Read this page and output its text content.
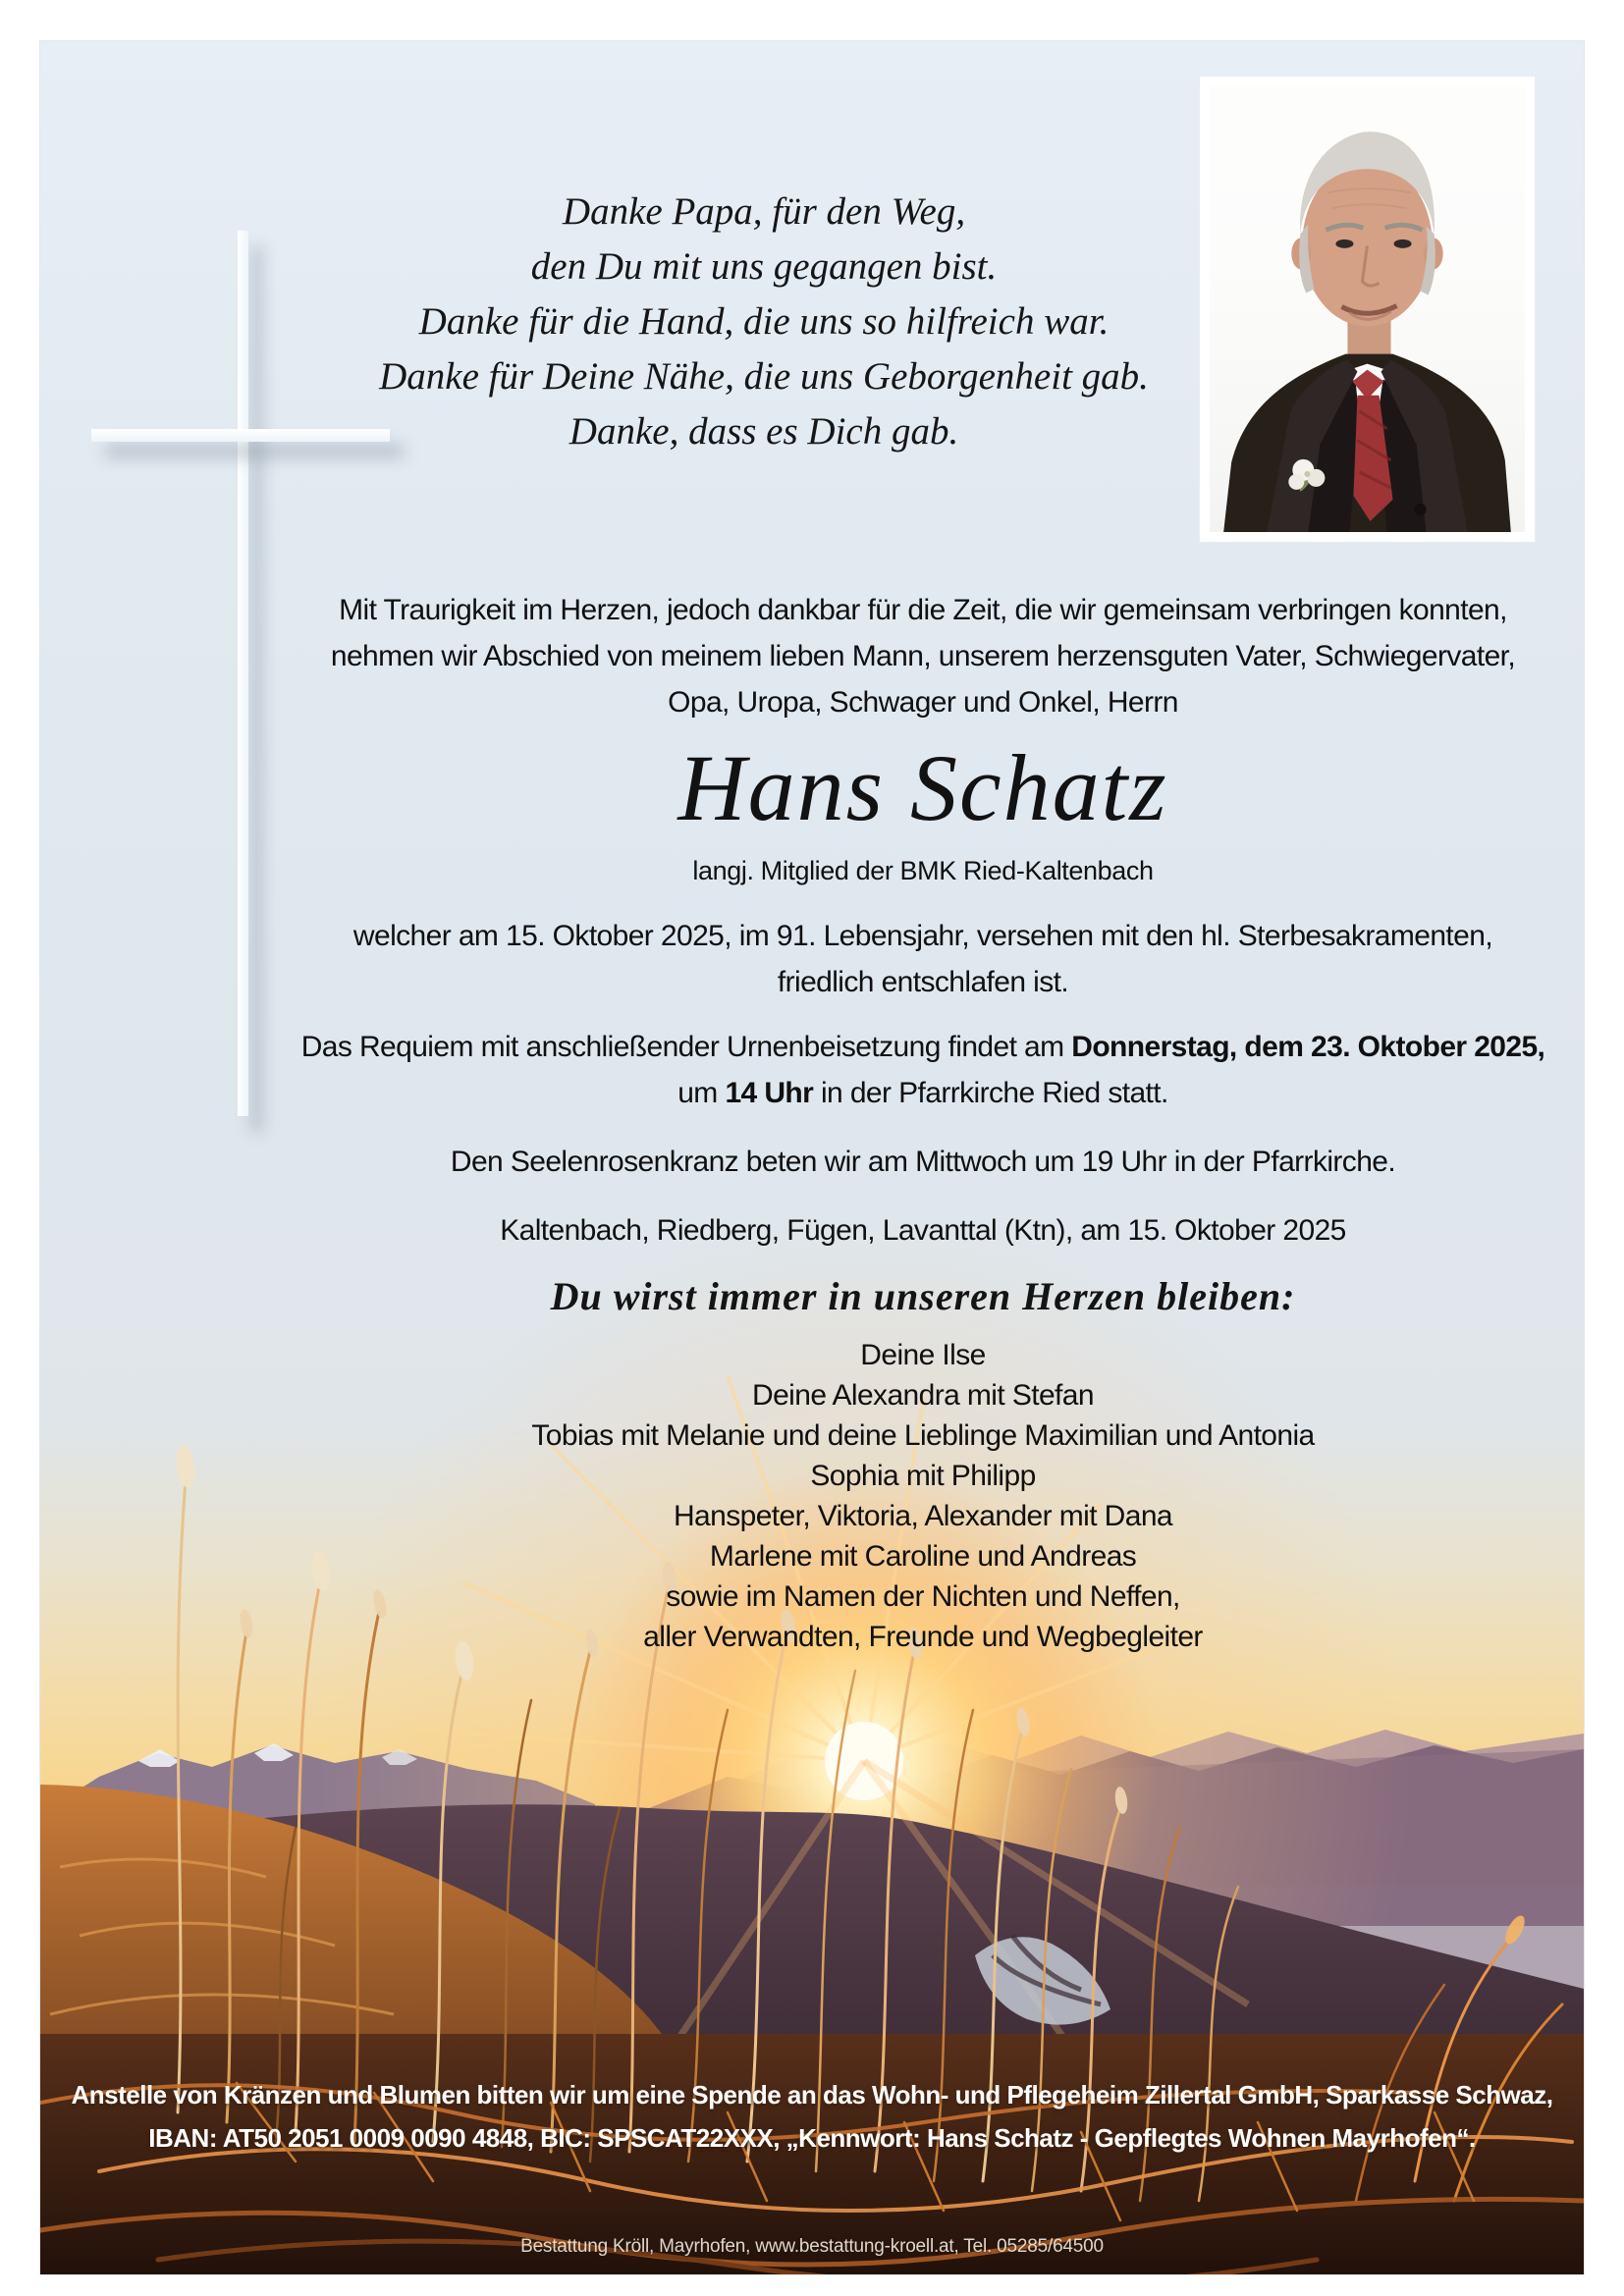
Danke Papa, für den Weg,
den Du mit uns gegangen bist.
Danke für die Hand, die uns so hilfreich war.
Danke für Deine Nähe, die uns Geborgenheit gab.
Danke, dass es Dich gab.
Mit Traurigkeit im Herzen, jedoch dankbar für die Zeit, die wir gemeinsam verbringen konnten,
nehmen wir Abschied von meinem lieben Mann, unserem herzensguten Vater, Schwiegervater,
Opa, Uropa, Schwager und Onkel, Herrn
Hans Schatz
langj. Mitglied der BMK Ried-Kaltenbach
welcher am 15. Oktober 2025, im 91. Lebensjahr, versehen mit den hl. Sterbesakramenten,
friedlich entschlafen ist.
Das Requiem mit anschließender Urnenbeisetzung findet am Donnerstag, dem 23. Oktober 2025,
um 14 Uhr in der Pfarrkirche Ried statt.
Den Seelenrosenkranz beten wir am Mittwoch um 19 Uhr in der Pfarrkirche.
Kaltenbach, Riedberg, Fügen, Lavanttal (Ktn), am 15. Oktober 2025
Du wirst immer in unseren Herzen bleiben:
Deine Ilse
Deine Alexandra mit Stefan
Tobias mit Melanie und deine Lieblinge Maximilian und Antonia
Sophia mit Philipp
Hanspeter, Viktoria, Alexander mit Dana
Marlene mit Caroline und Andreas
sowie im Namen der Nichten und Neffen,
aller Verwandten, Freunde und Wegbegleiter
Anstelle von Kränzen und Blumen bitten wir um eine Spende an das Wohn- und Pflegeheim Zillertal GmbH, Sparkasse Schwaz,
IBAN: AT50 2051 0009 0090 4848, BIC: SPSCAT22XXX, „Kennwort: Hans Schatz - Gepflegtes Wohnen Mayrhofen“.
Bestattung Kröll, Mayrhofen, www.bestattung-kroell.at, Tel. 05285/64500
